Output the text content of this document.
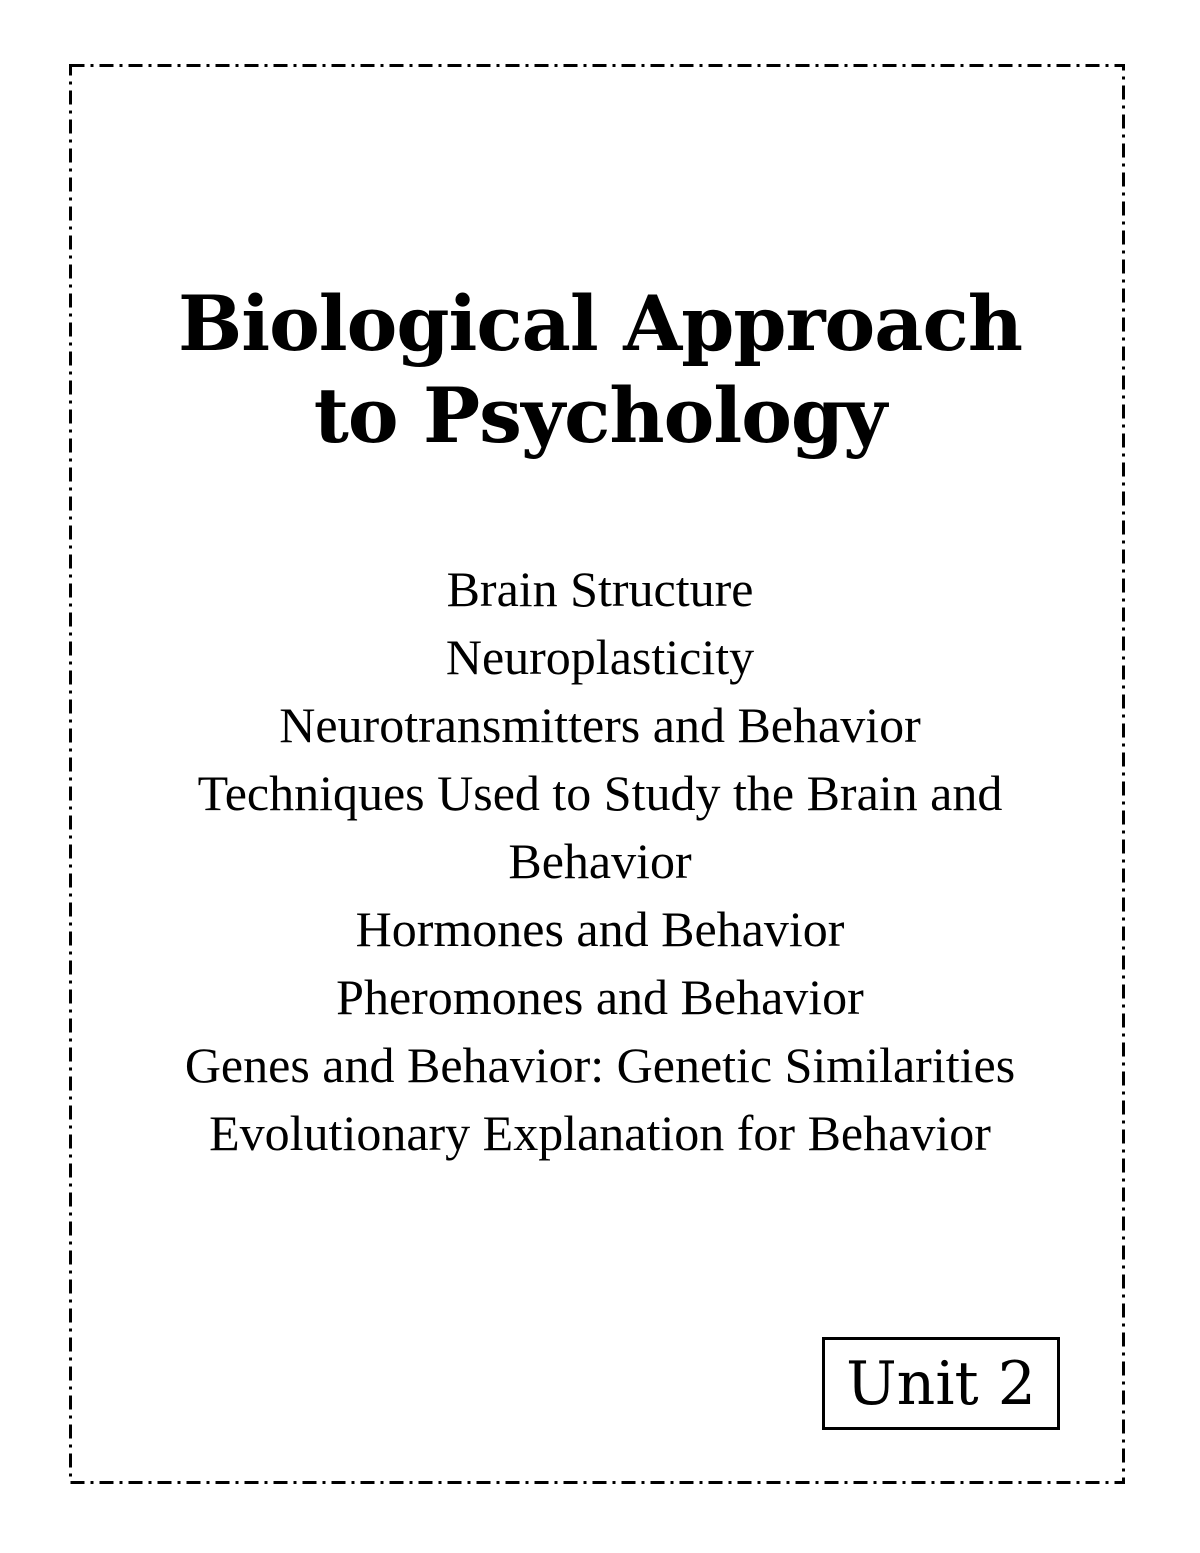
Biological Approach
to Psychology
Brain Structure
Neuroplasticity
Neurotransmitters and Behavior
Techniques Used to Study the Brain and
Behavior
Hormones and Behavior
Pheromones and Behavior
Genes and Behavior: Genetic Similarities
Evolutionary Explanation for Behavior
Unit 2
